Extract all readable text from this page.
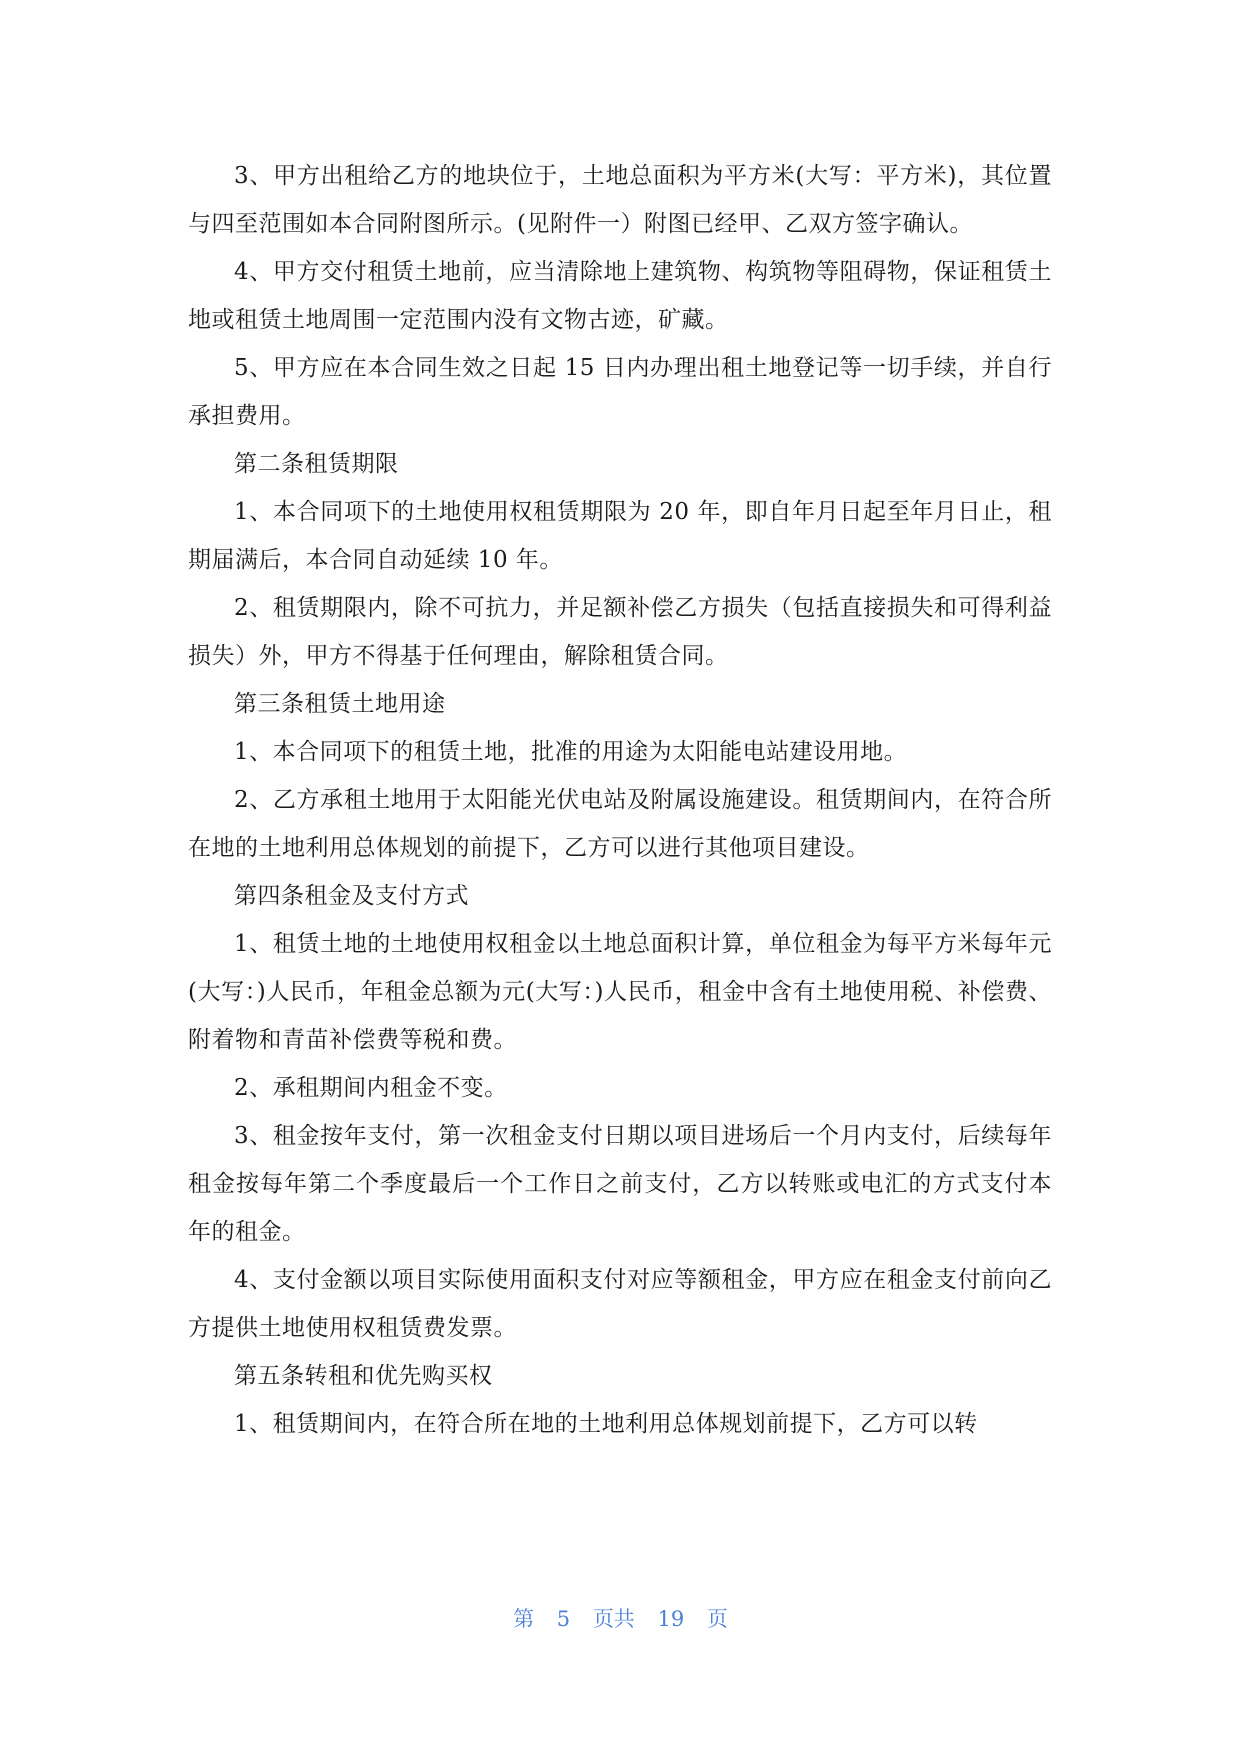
3、甲方出租给乙方的地块位于，土地总面积为平方米(大写：平方米)，其位置与四至范围如本合同附图所示。(见附件一）附图已经甲、乙双方签字确认。

4、甲方交付租赁土地前，应当清除地上建筑物、构筑物等阻碍物，保证租赁土地或租赁土地周围一定范围内没有文物古迹，矿藏。

5、甲方应在本合同生效之日起 15 日内办理出租土地登记等一切手续，并自行承担费用。

第二条租赁期限

1、本合同项下的土地使用权租赁期限为 20 年，即自年月日起至年月日止，租期届满后，本合同自动延续 10 年。

2、租赁期限内，除不可抗力，并足额补偿乙方损失（包括直接损失和可得利益损失）外，甲方不得基于任何理由，解除租赁合同。

第三条租赁土地用途

1、本合同项下的租赁土地，批准的用途为太阳能电站建设用地。

2、乙方承租土地用于太阳能光伏电站及附属设施建设。租赁期间内，在符合所在地的土地利用总体规划的前提下，乙方可以进行其他项目建设。

第四条租金及支付方式

1、租赁土地的土地使用权租金以土地总面积计算，单位租金为每平方米每年元(大写：)人民币，年租金总额为元(大写：)人民币，租金中含有土地使用税、补偿费、附着物和青苗补偿费等税和费。

2、承租期间内租金不变。

3、租金按年支付，第一次租金支付日期以项目进场后一个月内支付，后续每年租金按每年第二个季度最后一个工作日之前支付，乙方以转账或电汇的方式支付本年的租金。

4、支付金额以项目实际使用面积支付对应等额租金，甲方应在租金支付前向乙方提供土地使用权租赁费发票。

第五条转租和优先购买权

1、租赁期间内，在符合所在地的土地利用总体规划前提下，乙方可以转

第 5 页共 19 页
